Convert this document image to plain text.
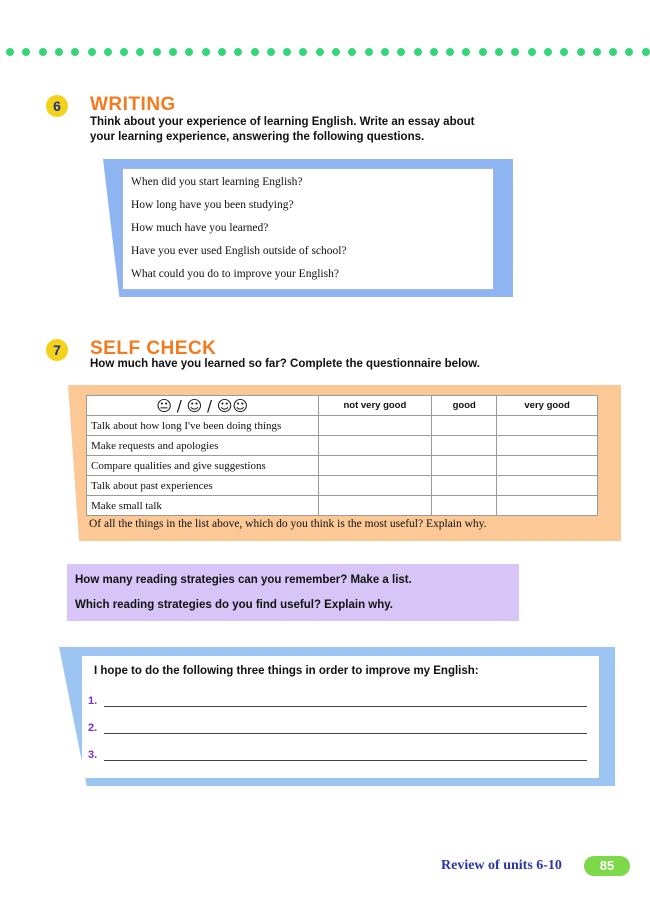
6	WRITING
Think about your experience of learning English. Write an essay about
your learning experience, answering the following questions.
When did you start learning English?
How long have you been studying?
How much have you learned?
Have you ever used English outside of school?
What could you do to improve your English?
7	SELF CHECK
How much have you learned so far? Complete the questionnaire below.
😐 / ☺ / ☺☺	not very good	good	very good
Talk about how long I've been doing things			
Make requests and apologies			
Compare qualities and give suggestions			
Talk about past experiences			
Make small talk			
Of all the things in the list above, which do you think is the most useful? Explain why.
How many reading strategies can you remember? Make a list.
Which reading strategies do you find useful? Explain why.
I hope to do the following three things in order to improve my English:
1.
2.
3.
Review of units 6-10	85
